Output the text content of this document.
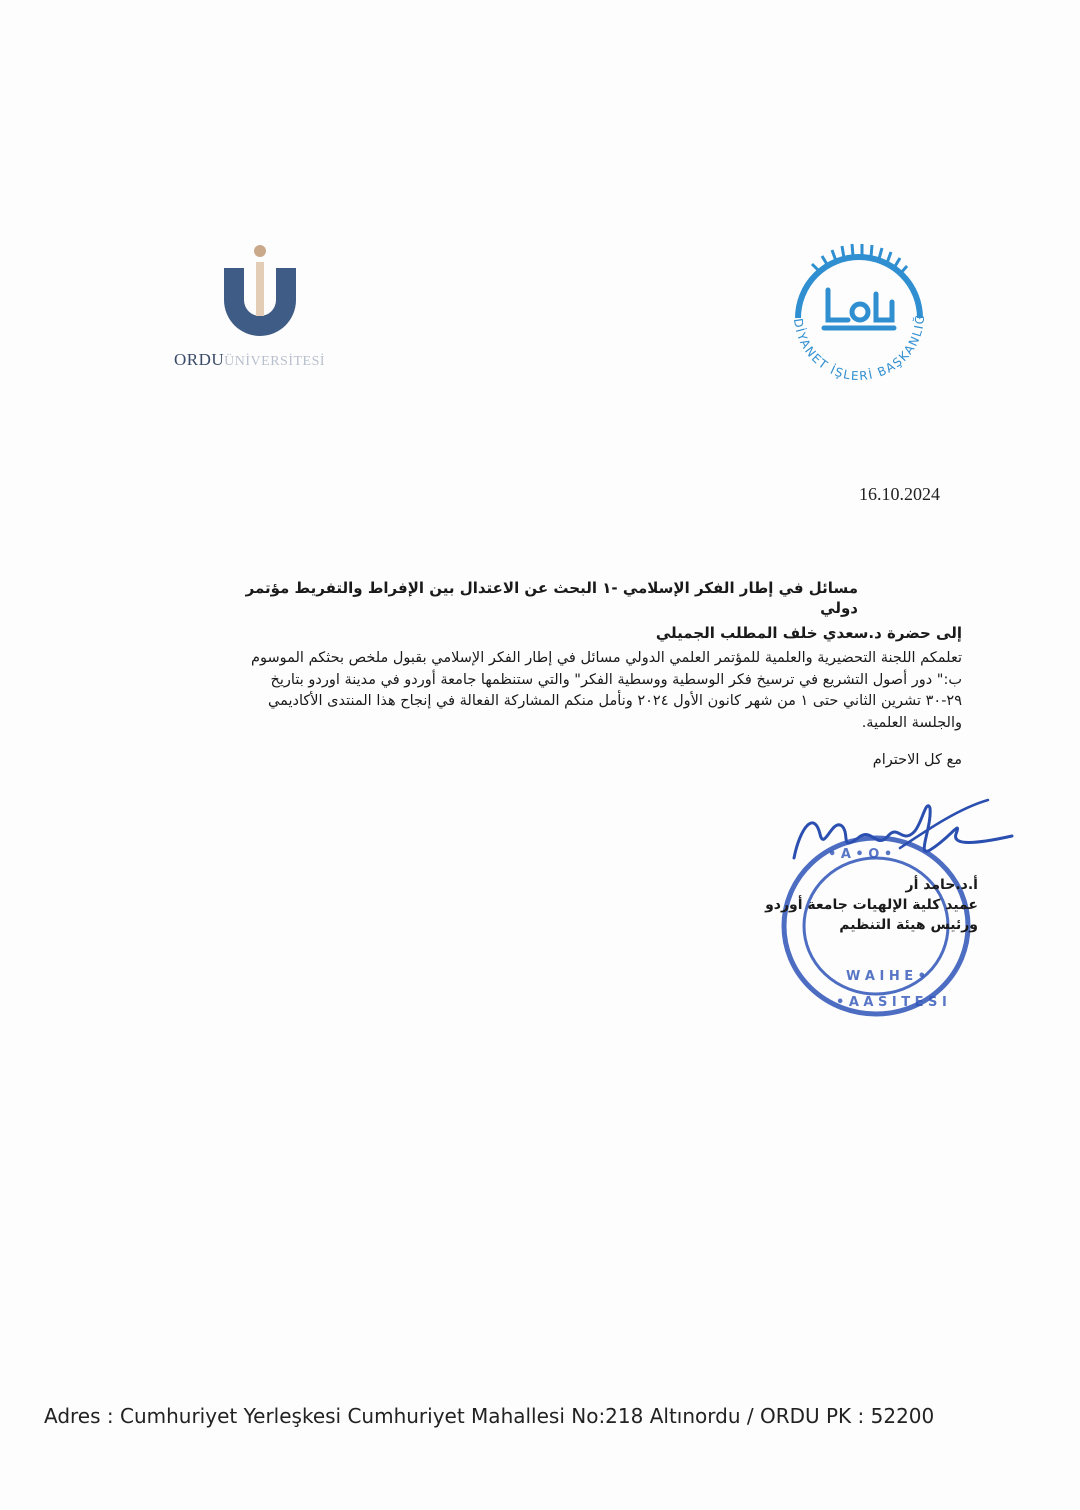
ORDUÜNİVERSİTESİ
DİYANET İŞLERİ BAŞKANLIĞ
16.10.2024
مسائل في إطار الفكر الإسلامي -١ البحث عن الاعتدال بين الإفراط والتفريط مؤتمر
دولي
إلى حضرة د.سعدي خلف المطلب الجميلي
تعلمكم اللجنة التحضيرية والعلمية للمؤتمر العلمي الدولي مسائل في إطار الفكر الإسلامي بقبول ملخص بحثكم الموسوم
ب:" دور أصول التشريع في ترسيخ فكر الوسطية ووسطية الفكر" والتي ستنظمها جامعة أوردو في مدينة اوردو بتاريخ
٢٩-٣٠ تشرين الثاني حتى ١ من شهر كانون الأول ٢٠٢٤ ونأمل منكم المشاركة الفعالة في إنجاح هذا المنتدى الأكاديمي
والجلسة العلمية.
مع كل الاحترام
• A • O •
W A I H E •
• A A S I T E S I
أ.د.حامد أر
عميد كلية الإلهيات جامعة أوردو
ورئيس هيئة التنظيم
Adres : Cumhuriyet Yerleşkesi Cumhuriyet Mahallesi No:218 Altınordu / ORDU PK : 52200
